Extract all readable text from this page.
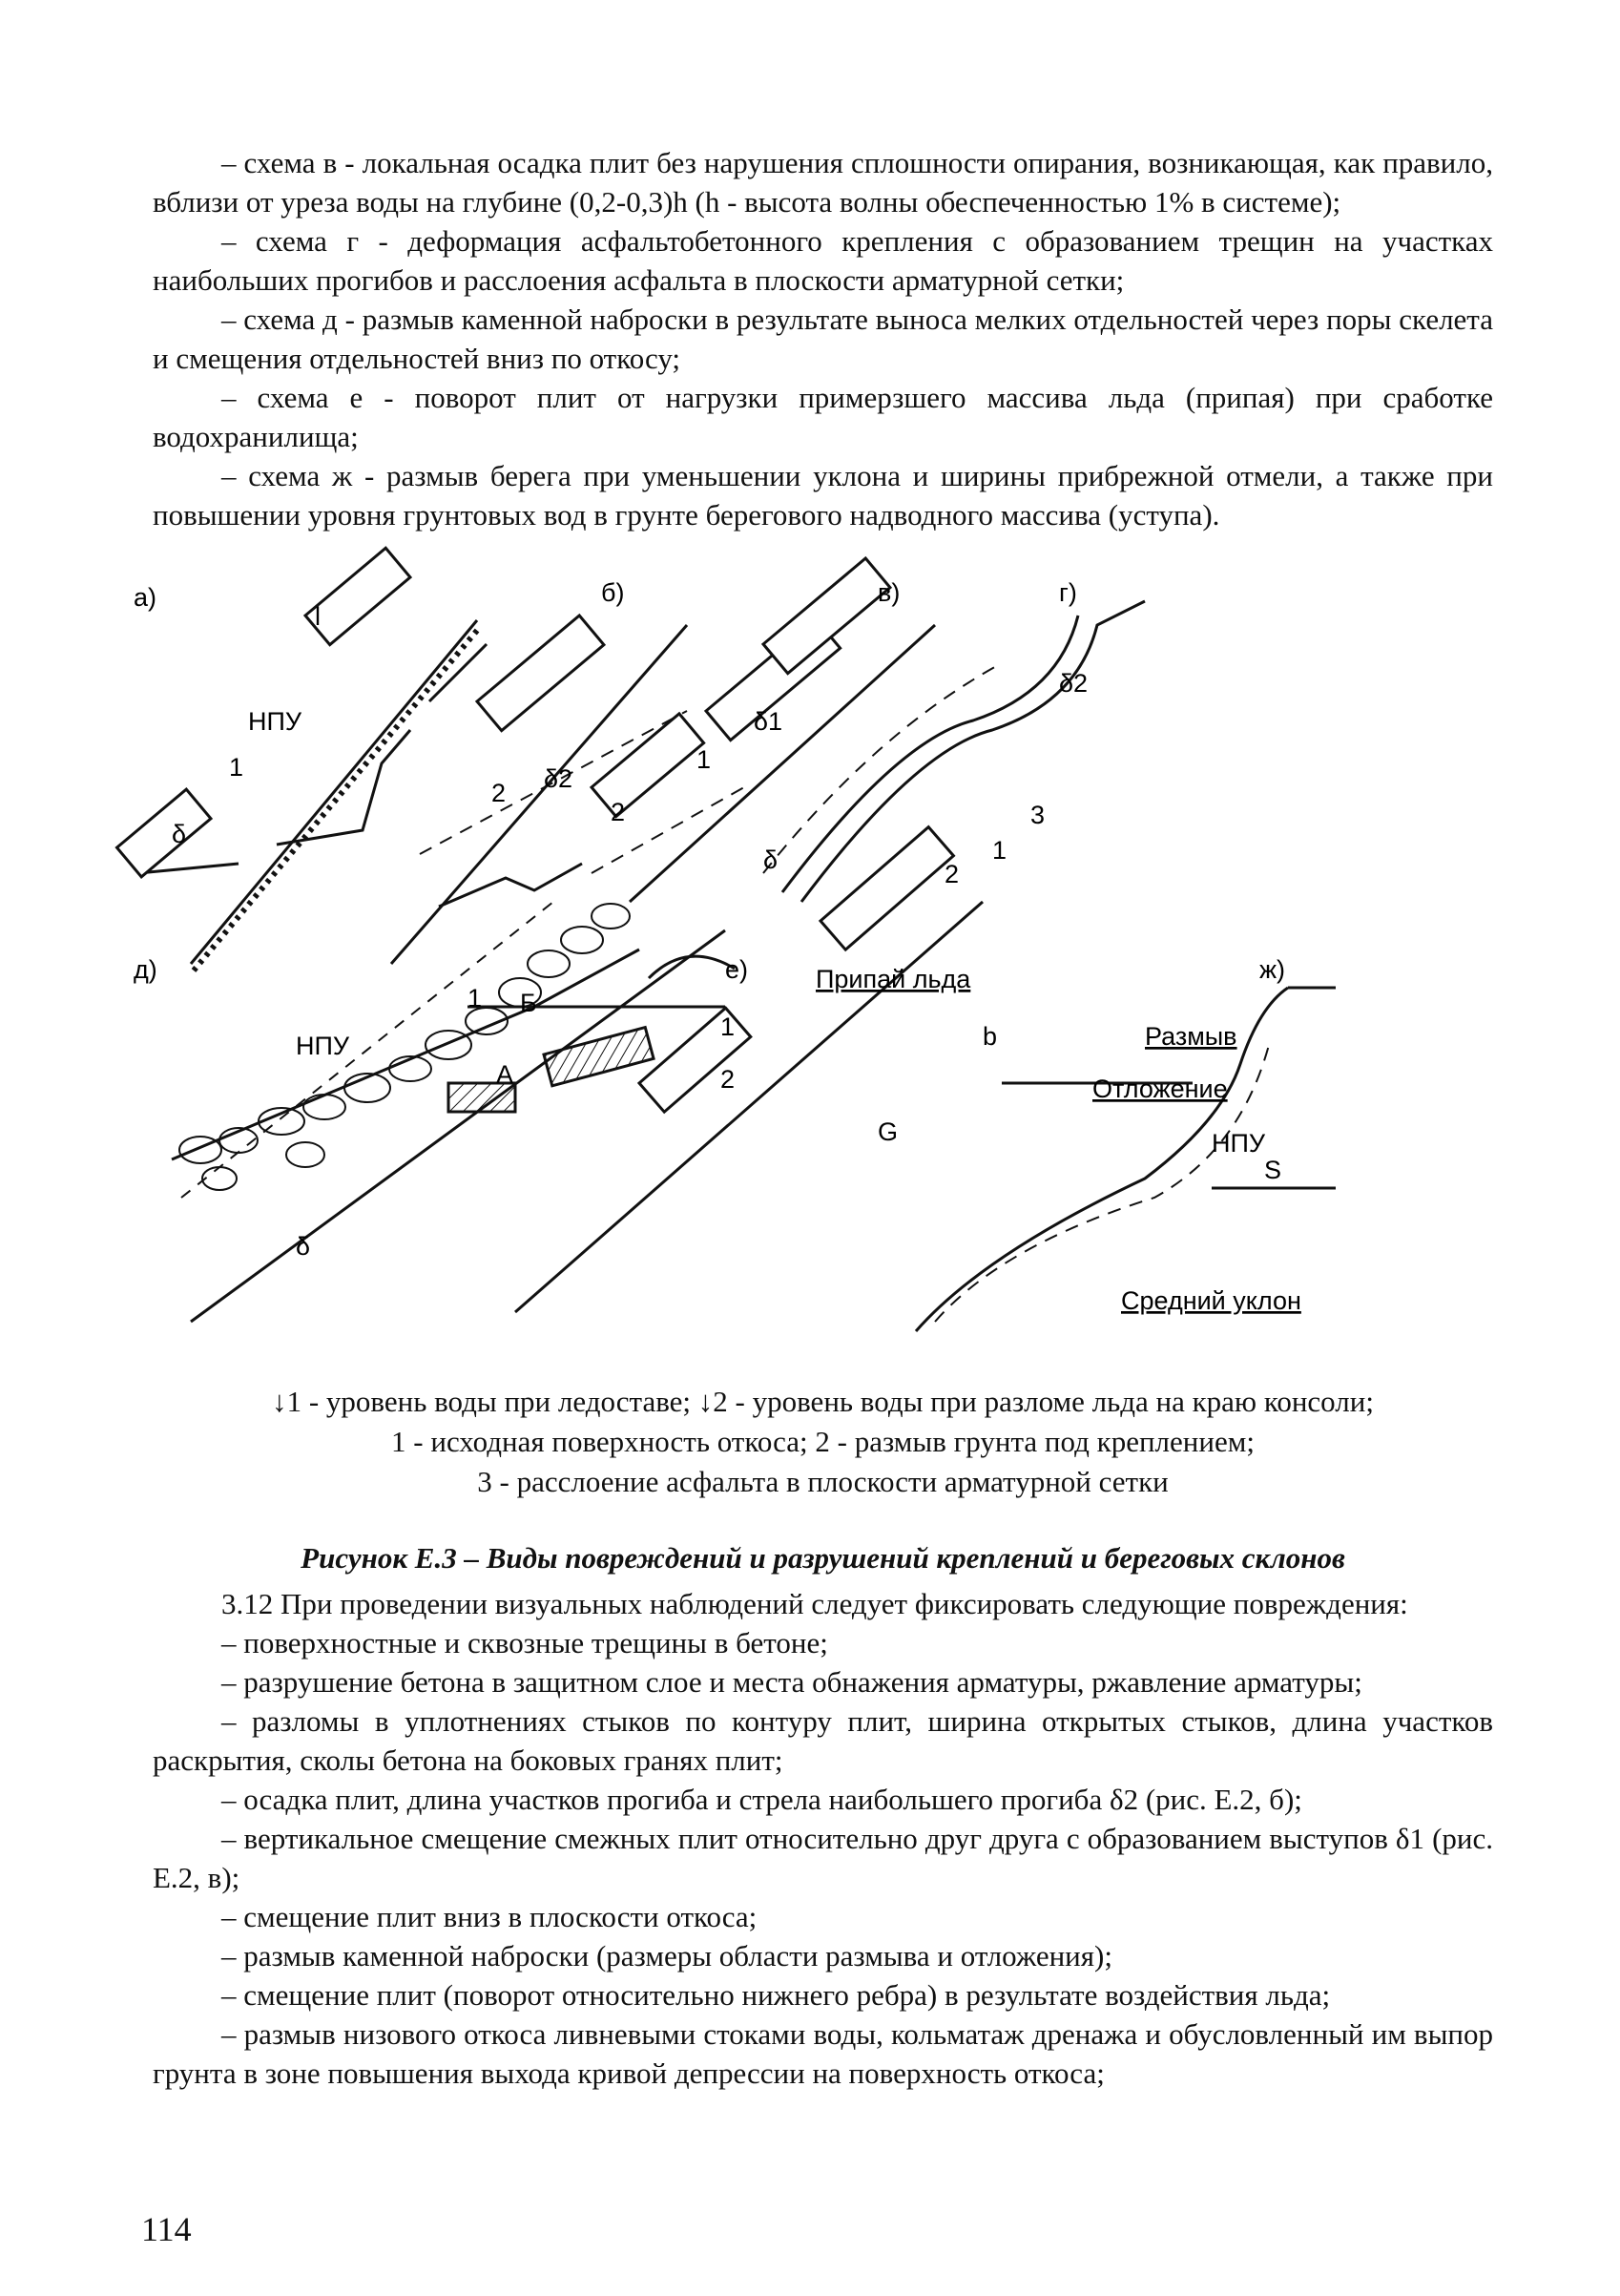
– схема в - локальная осадка плит без нарушения сплошности опирания, возникающая, как правило, вблизи от уреза воды на глубине (0,2-0,3)h (h - высота волны обеспеченностью 1% в системе);

– схема г - деформация асфальтобетонного крепления с образованием трещин на участках наибольших прогибов и расслоения асфальта в плоскости арматурной сетки;

– схема д - размыв каменной наброски в результате выноса мелких отдельностей через поры скелета и смещения отдельностей вниз по откосу;

– схема е - поворот плит от нагрузки примерзшего массива льда (припая) при сработке водохранилища;

– схема ж - размыв берега при уменьшении уклона и ширины прибрежной отмели, а также при повышении уровня грунтовых вод в грунте берегового надводного массива (уступа).

а)	б)	в)	г)
д)	е)	ж)
НПУ
НПУ
НПУ
l
1
2
2
1
3
1
2
1
1
2
δ
δ
δ
δ1
δ2
δ2
А
Б
G
b
Припай льда
Размыв
Отложение
S
Средний уклон
↓1 - уровень воды при ледоставе; ↓2 - уровень воды при разломе льда на краю консоли;
1 - исходная поверхность откоса; 2 - размыв грунта под креплением;
3 - расслоение асфальта в плоскости арматурной сетки
Рисунок Е.3 – Виды повреждений и разрушений креплений и береговых склонов

3.12 При проведении визуальных наблюдений следует фиксировать следующие повреждения:

– поверхностные и сквозные трещины в бетоне;

– разрушение бетона в защитном слое и места обнажения арматуры, ржавление арматуры;

– разломы в уплотнениях стыков по контуру плит, ширина открытых стыков, длина участков раскрытия, сколы бетона на боковых гранях плит;

– осадка плит, длина участков прогиба и стрела наибольшего прогиба δ2 (рис. Е.2, б);

– вертикальное смещение смежных плит относительно друг друга с образованием выступов δ1 (рис. Е.2, в);

– смещение плит вниз в плоскости откоса;

– размыв каменной наброски (размеры области размыва и отложения);

– смещение плит (поворот относительно нижнего ребра) в результате воздействия льда;

– размыв низового откоса ливневыми стоками воды, кольматаж дренажа и обусловленный им выпор грунта в зоне повышения выхода кривой депрессии на поверхность откоса;

114
